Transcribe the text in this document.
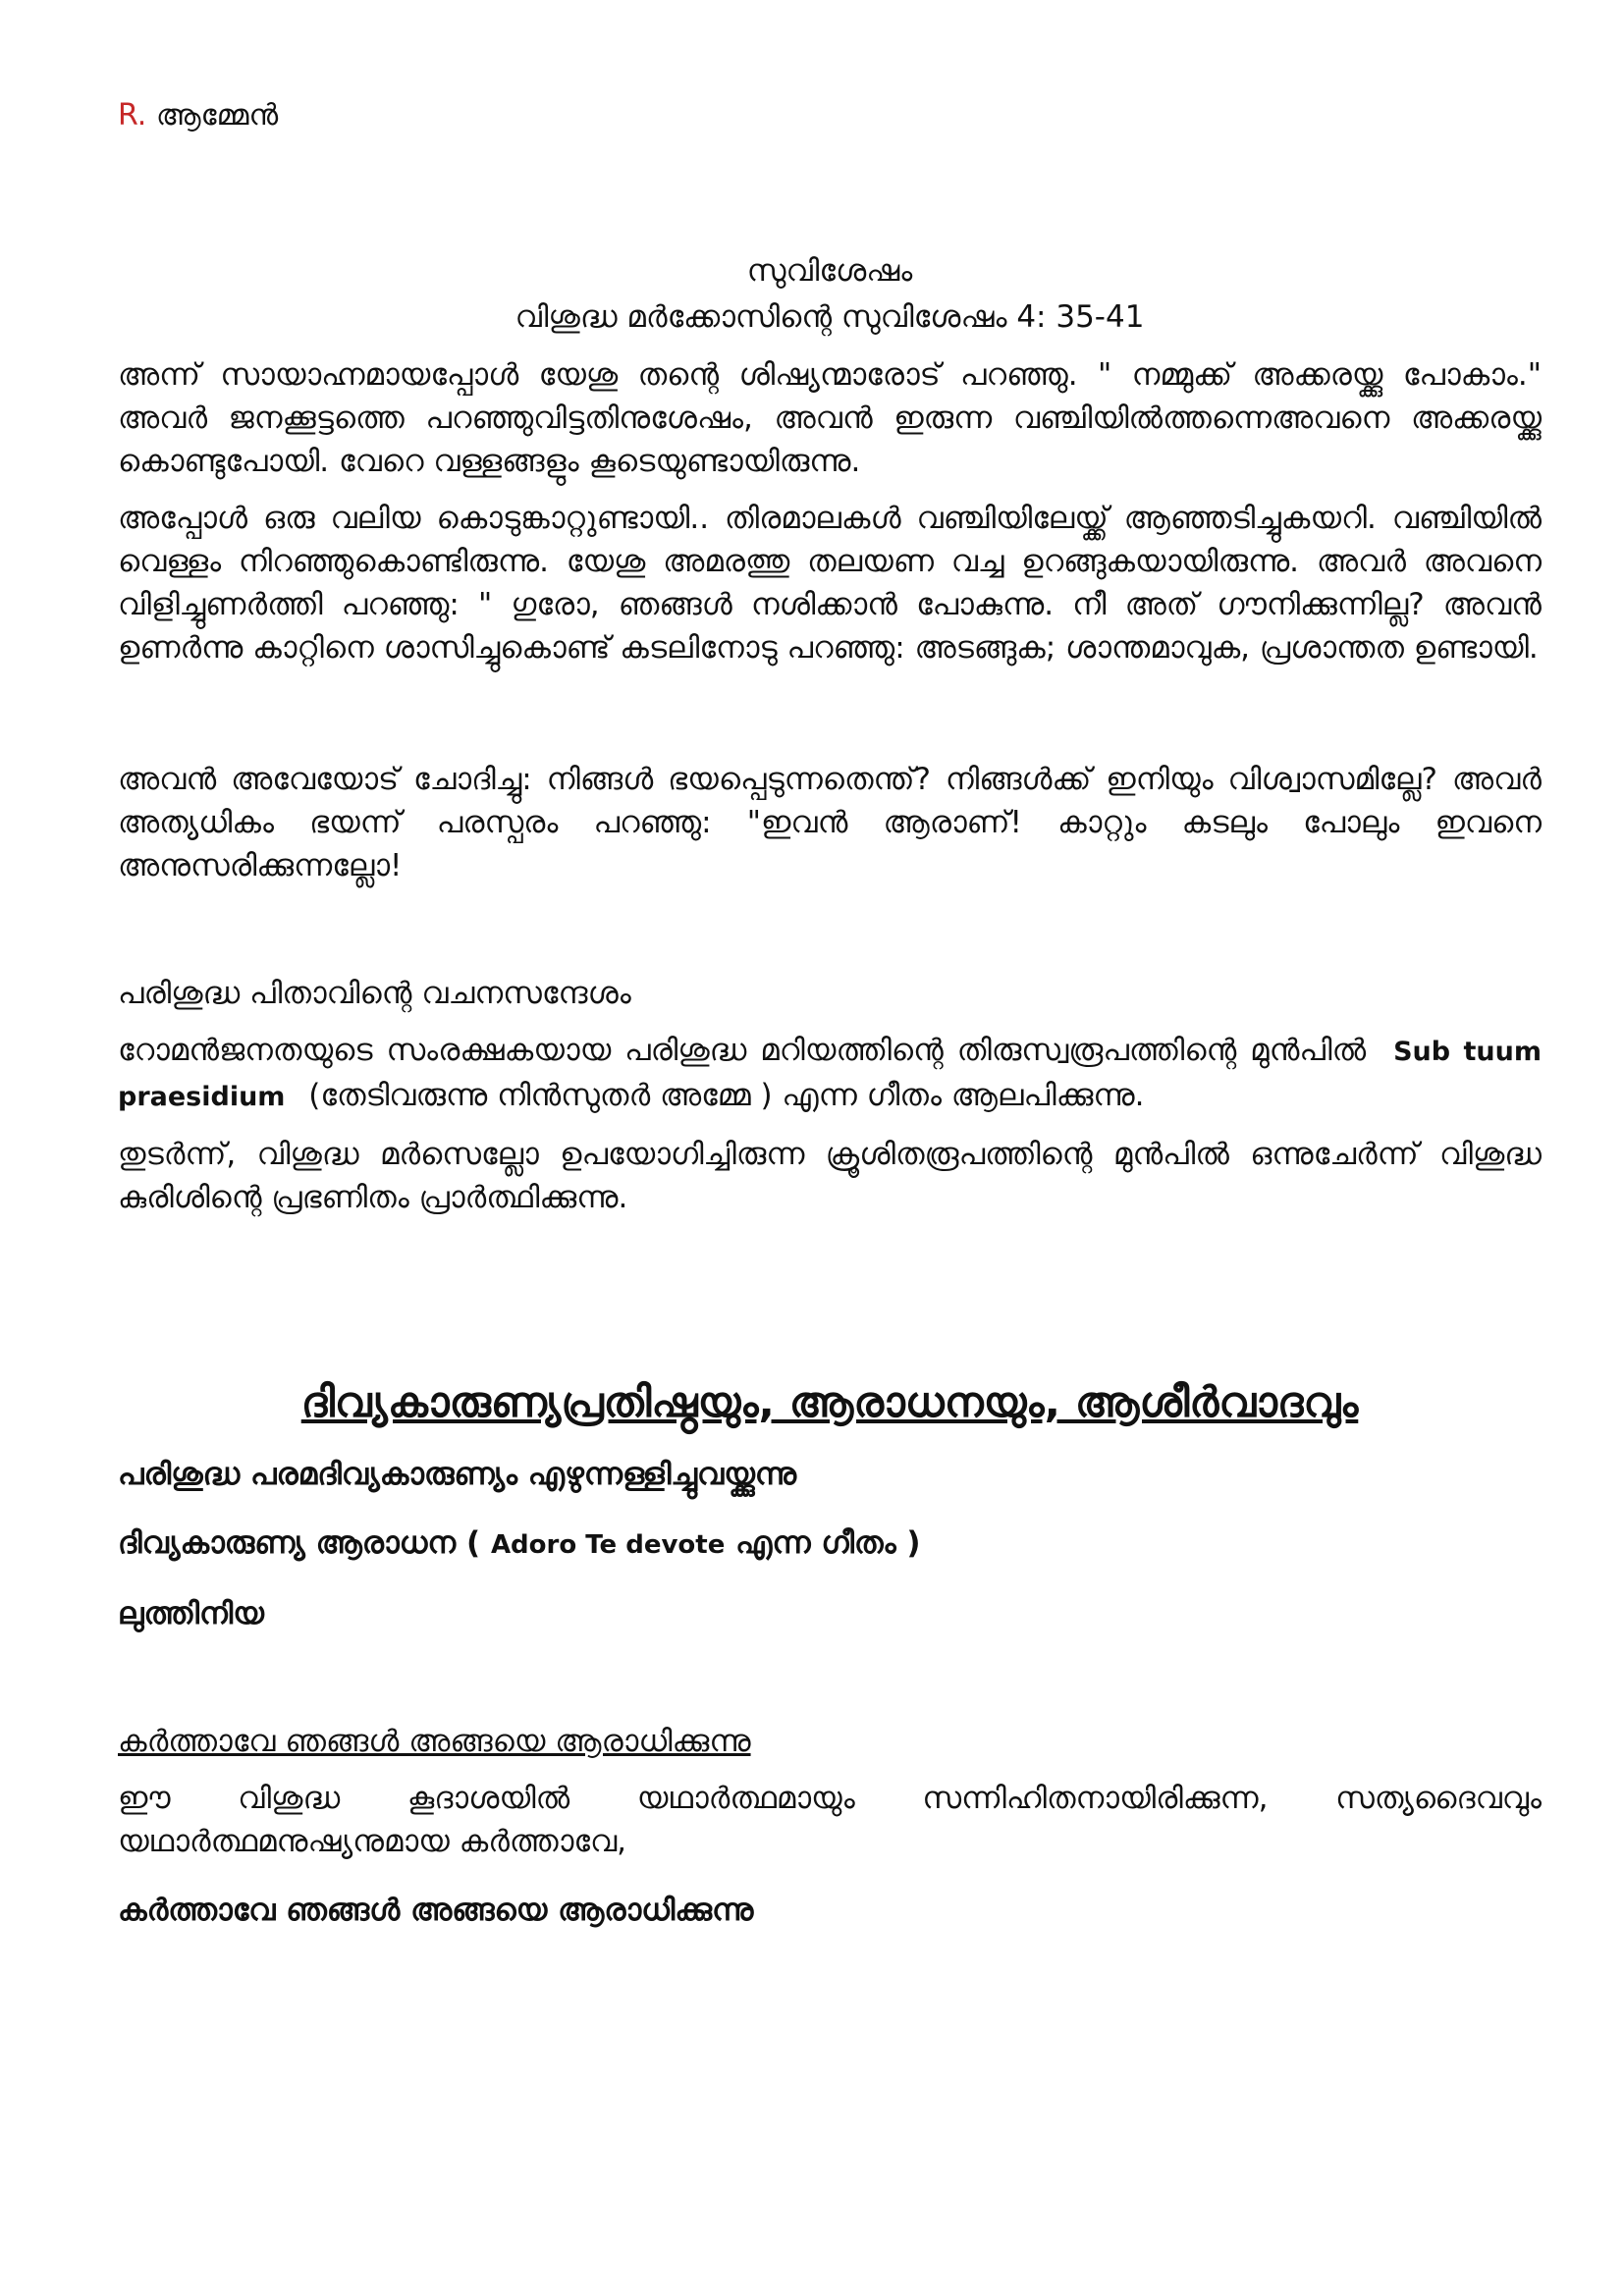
R. ആമ്മേൻ

സുവിശേഷം

വിശുദ്ധ മർക്കോസിന്റെ സുവിശേഷം 4: 35-41

അന്ന് സായാഹ്നമായപ്പോൾ യേശു തന്റെ ശിഷ്യന്മാരോട് പറഞ്ഞു. " നമ്മുക്ക് അക്കരയ്ക്കു പോകാം." അവർ ജനക്കൂട്ടത്തെ പറഞ്ഞുവിട്ടതിനുശേഷം, അവൻ ഇരുന്ന വഞ്ചിയിൽത്തന്നെഅവനെ അക്കരയ്ക്കു കൊണ്ടുപോയി. വേറെ വള്ളങ്ങളും കൂടെയുണ്ടായിരുന്നു.

അപ്പോൾ ഒരു വലിയ കൊടുങ്കാറ്റുണ്ടായി.. തിരമാലകൾ വഞ്ചിയിലേയ്ക്ക് ആഞ്ഞടിച്ചുകയറി. വഞ്ചിയിൽ വെള്ളം നിറഞ്ഞുകൊണ്ടിരുന്നു. യേശു അമരത്തു തലയണ വച്ച ഉറങ്ങുകയായിരുന്നു. അവർ അവനെ വിളിച്ചുണർത്തി പറഞ്ഞു: " ഗുരോ, ഞങ്ങൾ നശിക്കാൻ പോകുന്നു. നീ അത് ഗൗനിക്കുന്നില്ല? അവൻ ഉണർന്നു കാറ്റിനെ ശാസിച്ചുകൊണ്ട് കടലിനോടു പറഞ്ഞു: അടങ്ങുക; ശാന്തമാവുക, പ്രശാന്തത ഉണ്ടായി.

അവൻ അവേയോട് ചോദിച്ചു: നിങ്ങൾ ഭയപ്പെടുന്നതെന്ത്? നിങ്ങൾക്ക് ഇനിയും വിശ്വാസമില്ലേ? അവർ അത്യധികം ഭയന്ന് പരസ്പരം പറഞ്ഞു: "ഇവൻ ആരാണ്! കാറ്റും കടലും പോലും ഇവനെ അനുസരിക്കുന്നല്ലോ!

പരിശുദ്ധ പിതാവിന്റെ വചനസന്ദേശം

റോമൻജനതയുടെ സംരക്ഷകയായ പരിശുദ്ധ മറിയത്തിന്റെ തിരുസ്വരൂപത്തിന്റെ മുൻപിൽ Sub tuum praesidium (തേടിവരുന്നു നിൻസുതർ അമ്മേ ) എന്ന ഗീതം ആലപിക്കുന്നു.

തുടർന്ന്, വിശുദ്ധ മർസെല്ലോ ഉപയോഗിച്ചിരുന്ന ക്രൂശിതരൂപത്തിന്റെ മുൻപിൽ ഒന്നുചേർന്ന് വിശുദ്ധ കുരിശിന്റെ പ്രഭണിതം പ്രാർത്ഥിക്കുന്നു.

ദിവ്യകാരുണ്യപ്രതിഷ്ഠയും, ആരാധനയും, ആശീർവാദവും

പരിശുദ്ധ പരമദിവ്യകാരുണ്യം എഴുന്നള്ളിച്ചുവയ്ക്കുന്നു

ദിവ്യകാരുണ്യ ആരാധന ( Adoro Te devote എന്ന ഗീതം )

ലുത്തിനിയ

കർത്താവേ ഞങ്ങൾ അങ്ങയെ ആരാധിക്കുന്നു

ഈ വിശുദ്ധ കൂദാശയിൽ യഥാർത്ഥമായും സന്നിഹിതനായിരിക്കുന്ന, സത്യദൈവവും യഥാർത്ഥമനുഷ്യനുമായ കർത്താവേ,

കർത്താവേ ഞങ്ങൾ അങ്ങയെ ആരാധിക്കുന്നു
